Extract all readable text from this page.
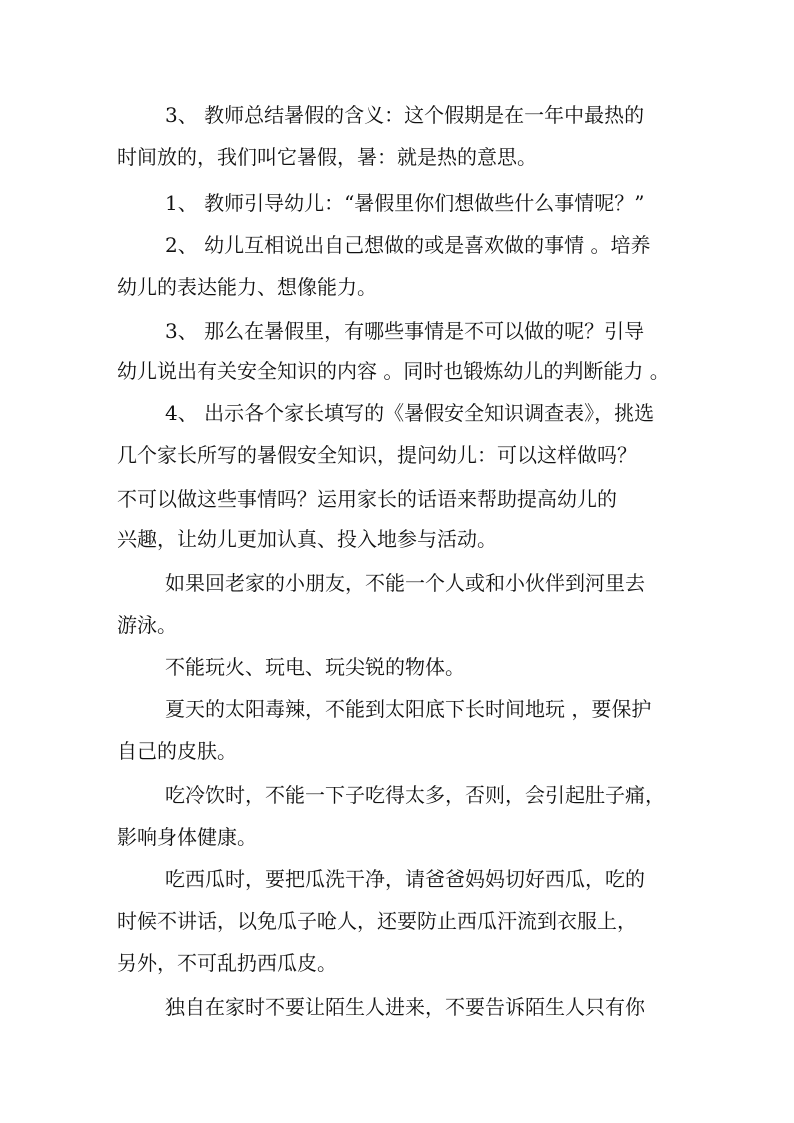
3、 教师总结暑假的含义：这个假期是在一年中最热的
时间放的，我们叫它暑假，暑：就是热的意思。
1、 教师引导幼儿：“暑假里你们想做些什么事情呢？”
2、 幼儿互相说出自己想做的或是喜欢做的事情 。培养
幼儿的表达能力、想像能力。
3、 那么在暑假里，有哪些事情是不可以做的呢？引导
幼儿说出有关安全知识的内容 。同时也锻炼幼儿的判断能力 。
4、 出示各个家长填写的《暑假安全知识调查表》，挑选
几个家长所写的暑假安全知识，提问幼儿：可以这样做吗？
不可以做这些事情吗？运用家长的话语来帮助提高幼儿的
兴趣，让幼儿更加认真、投入地参与活动。
如果回老家的小朋友，不能一个人或和小伙伴到河里去
游泳。
不能玩火、玩电、玩尖锐的物体。
夏天的太阳毒辣，不能到太阳底下长时间地玩 ，要保护
自己的皮肤。
吃冷饮时，不能一下子吃得太多，否则，会引起肚子痛，
影响身体健康。
吃西瓜时，要把瓜洗干净，请爸爸妈妈切好西瓜，吃的
时候不讲话，以免瓜子呛人，还要防止西瓜汗流到衣服上，
另外，不可乱扔西瓜皮。
独自在家时不要让陌生人进来，不要告诉陌生人只有你
